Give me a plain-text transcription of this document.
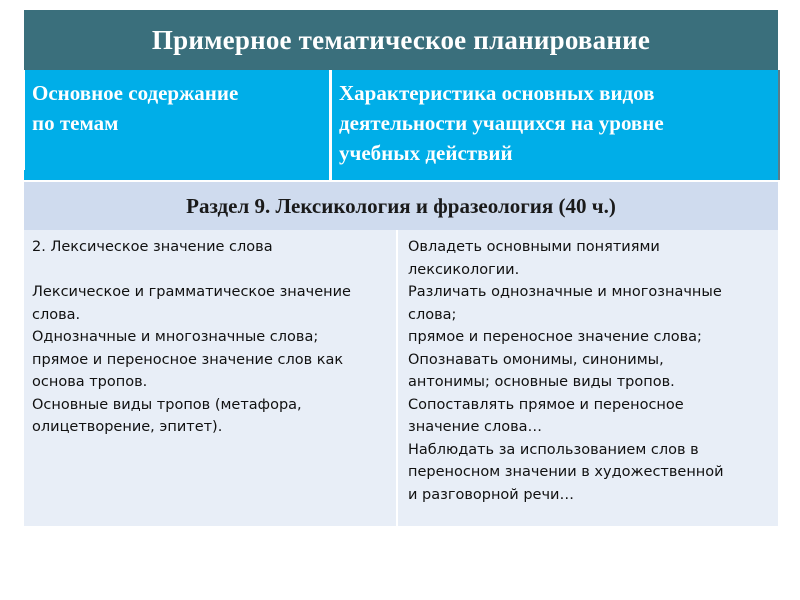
Примерное тематическое планирование
Основное содержание
по темам
Характеристика основных видов
деятельности учащихся на уровне
учебных действий
Раздел 9. Лексикология и фразеология (40 ч.)
2. Лексическое значение слова
Лексическое и грамматическое значение
слова.
Однозначные и многозначные слова;
прямое и переносное значение слов как
основа тропов.
Основные виды тропов (метафора,
олицетворение, эпитет).
Овладеть основными понятиями
лексикологии.
Различать однозначные и многозначные
слова;
прямое и переносное значение слова;
Опознавать омонимы, синонимы,
антонимы; основные виды тропов.
Сопоставлять прямое и переносное
значение слова…
Наблюдать за использованием слов в
переносном значении в художественной
и разговорной речи…
